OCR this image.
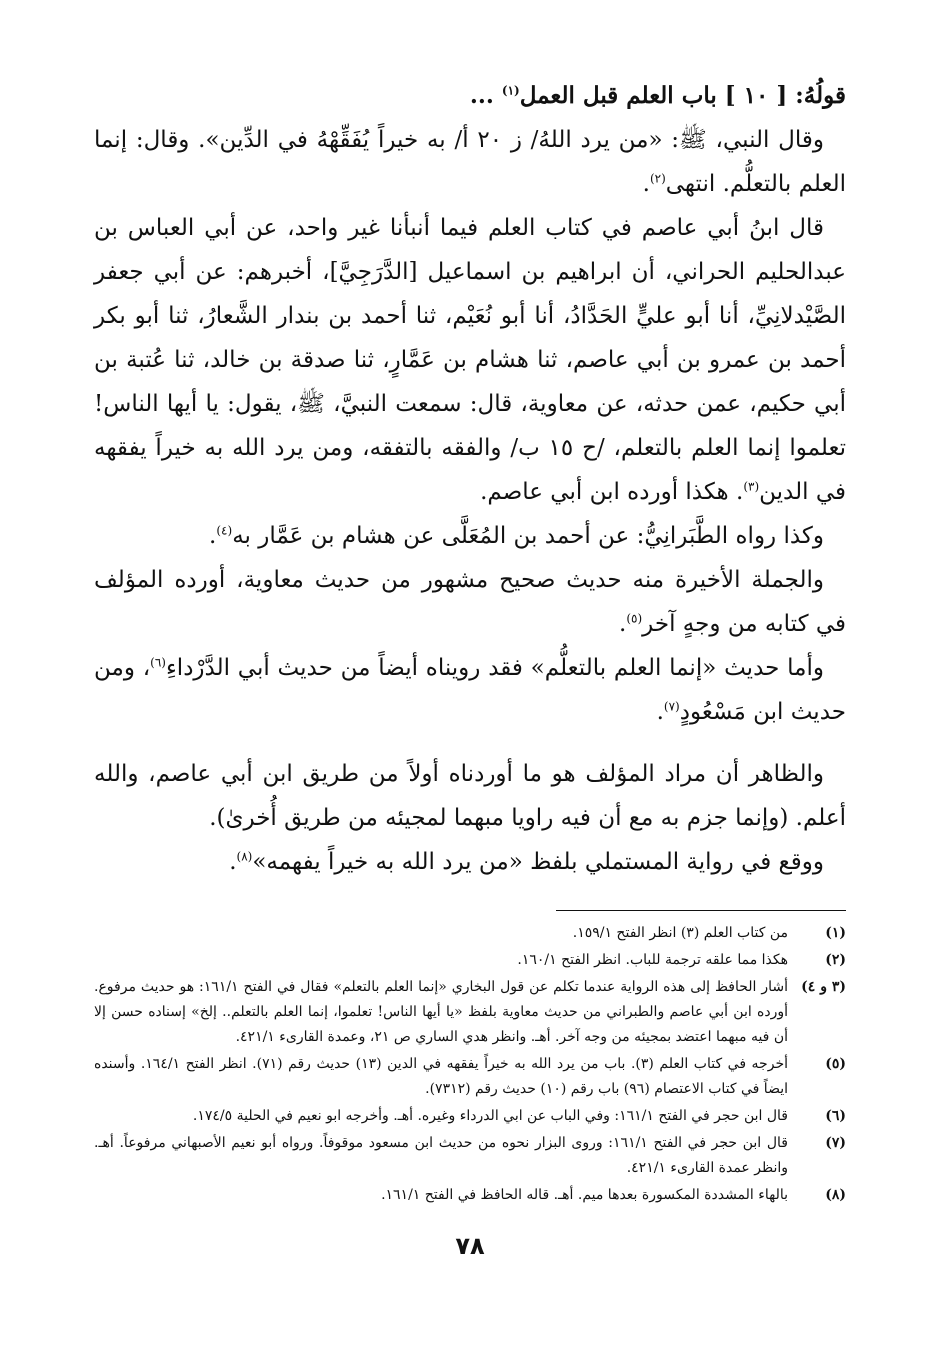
قولُهُ: [ ١٠ ] باب العلم قبل العمل$^{(١)}$ ...

وقال النبي، ﷺ: «من يرد اللهُ/ ز ٢٠ أ/ به خيراً يُفَقِّهْهُ في الدِّين». وقال: إنما العلم بالتعلُّم. انتهى$^{(٢)}$.

قال ابنُ أبي عاصم في كتاب العلم فيما أنبأنا غير واحد، عن أبي العباس بن عبدالحليم الحراني، أن ابراهيم بن اسماعيل [الدَّرَجِيَّ]، أخبرهم: عن أبي جعفر الصَّيْدلانِيِّ، أنا أبو عليٍّ الحَدَّادُ، أنا أبو نُعَيْم، ثنا أحمد بن بندار الشَّعارُ، ثنا أبو بكر أحمد بن عمرو بن أبي عاصم، ثنا هشام بن عَمَّارٍ، ثنا صدقة بن خالد، ثنا عُتبة بن أبي حكيم، عمن حدثه، عن معاوية، قال: سمعت النبيَّ، ﷺ، يقول: يا أيها الناس! تعلموا إنما العلم بالتعلم، /ح ١٥ ب/ والفقه بالتفقه، ومن يرد الله به خيراً يفقهه في الدين$^{(٣)}$. هكذا أورده ابن أبي عاصم.

وكذا رواه الطَّبَرانِيُّ: عن أحمد بن المُعَلَّى عن هشام بن عَمَّار به$^{(٤)}$.

والجملة الأخيرة منه حديث صحيح مشهور من حديث معاوية، أورده المؤلف في كتابه من وجهٍ آخر$^{(٥)}$.

وأما حديث «إنما العلم بالتعلُّم» فقد رويناه أيضاً من حديث أبي الدَّرْداءِ$^{(٦)}$، ومن حديث ابن مَسْعُودٍ$^{(٧)}$.

والظاهر أن مراد المؤلف هو ما أوردناه أولاً من طريق ابن أبي عاصم، والله أعلم. (وإنما جزم به مع أن فيه راويا مبهما لمجيئه من طريق أُخرىٰ).

ووقع في رواية المستملي بلفظ «من يرد الله به خيراً يفهمه»$^{(٨)}$.

(١)
من كتاب العلم (٣) انظر الفتح ١٥٩/١.
(٢)
هكذا مما علقه ترجمة للباب. انظر الفتح ١٦٠/١.
(٣ و ٤)
أشار الحافظ إلى هذه الرواية عندما تكلم عن قول البخاري «إنما العلم بالتعلم» فقال في الفتح ١٦١/١: هو حديث مرفوع. أورده ابن أبي عاصم والطبراني من حديث معاوية بلفظ «يا أيها الناس! تعلموا، إنما العلم بالتعلم.. إلخ» إسناده حسن إلا أن فيه مبهما اعتضد بمجيئه من وجه آخر. أهـ. وانظر هدي الساري ص ٢١، وعمدة القارىء ٤٢١/١.
(٥)
أخرجه في كتاب العلم (٣). باب من يرد الله به خيراً يفقهه في الدين (١٣) حديث رقم (٧١). انظر الفتح ١٦٤/١. وأسنده ايضاً في كتاب الاعتصام (٩٦) باب رقم (١٠) حديث رقم (٧٣١٢).
(٦)
قال ابن حجر في الفتح ١٦١/١: وفي الباب عن ابي الدرداء وغيره. أهـ. وأخرجه ابو نعيم في الحلية ١٧٤/٥.
(٧)
قال ابن حجر في الفتح ١٦١/١: وروى البزار نحوه من حديث ابن مسعود موقوفاً. ورواه أبو نعيم الأصبهاني مرفوعاً. أهـ. وانظر عمدة القارىء ٤٢١/١.
(٨)
بالهاء المشددة المكسورة بعدها ميم. أهـ. قاله الحافظ في الفتح ١٦١/١.
٧٨
